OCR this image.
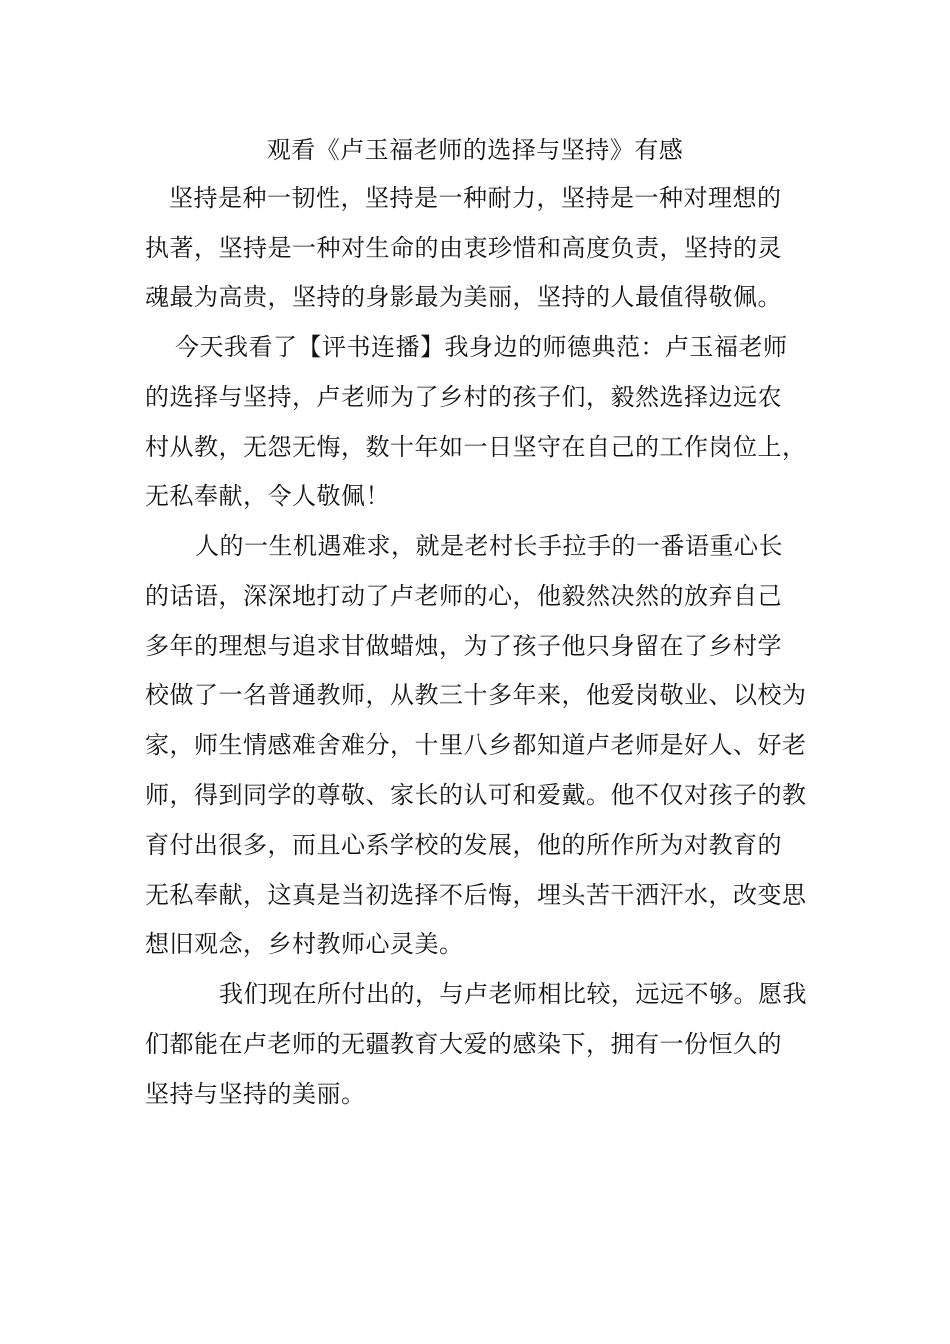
观看《卢玉福老师的选择与坚持》有感
坚持是种一韧性，坚持是一种耐力，坚持是一种对理想的
执著，坚持是一种对生命的由衷珍惜和高度负责，坚持的灵
魂最为高贵，坚持的身影最为美丽，坚持的人最值得敬佩。
今天我看了【评书连播】我身边的师德典范：卢玉福老师
的选择与坚持，卢老师为了乡村的孩子们，毅然选择边远农
村从教，无怨无悔，数十年如一日坚守在自己的工作岗位上，
无私奉献，令人敬佩！
人的一生机遇难求，就是老村长手拉手的一番语重心长
的话语，深深地打动了卢老师的心，他毅然决然的放弃自己
多年的理想与追求甘做蜡烛，为了孩子他只身留在了乡村学
校做了一名普通教师，从教三十多年来，他爱岗敬业、以校为
家，师生情感难舍难分，十里八乡都知道卢老师是好人、好老
师，得到同学的尊敬、家长的认可和爱戴。他不仅对孩子的教
育付出很多，而且心系学校的发展，他的所作所为对教育的
无私奉献，这真是当初选择不后悔，埋头苦干洒汗水，改变思
想旧观念，乡村教师心灵美。
我们现在所付出的，与卢老师相比较，远远不够。愿我
们都能在卢老师的无疆教育大爱的感染下，拥有一份恒久的
坚持与坚持的美丽。
